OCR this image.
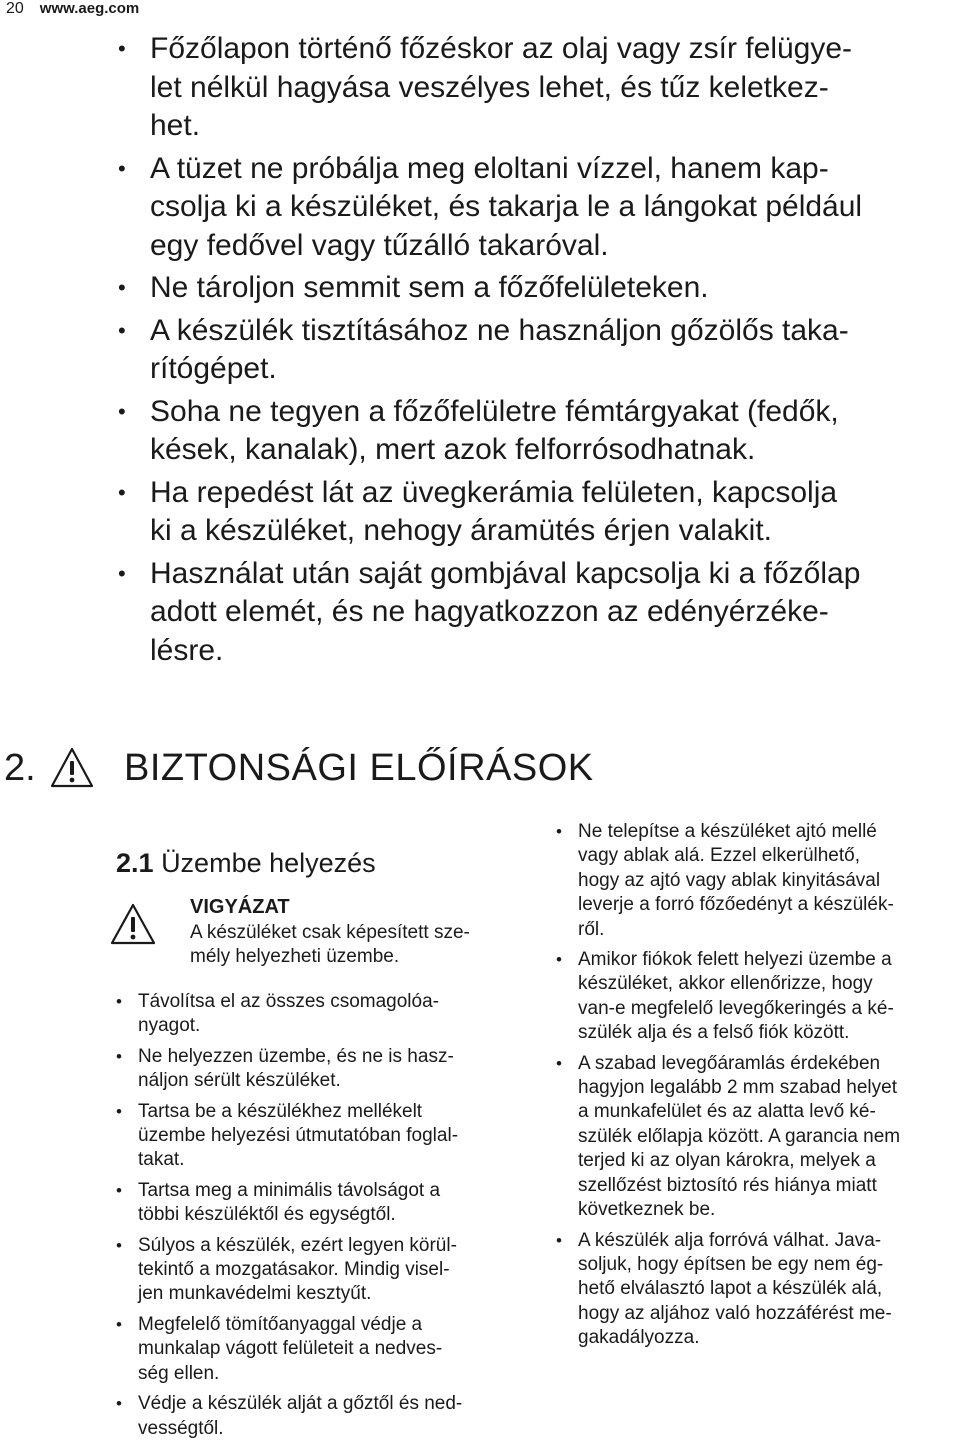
20 www.aeg.com
• Főzőlapon történő főzéskor az olaj vagy zsír felügye-
let nélkül hagyása veszélyes lehet, és tűz keletkez-
het.
• A tüzet ne próbálja meg eloltani vízzel, hanem kap-
csolja ki a készüléket, és takarja le a lángokat például
egy fedővel vagy tűzálló takaróval.
• Ne tároljon semmit sem a főzőfelületeken.
• A készülék tisztításához ne használjon gőzölős taka-
rítógépet.
• Soha ne tegyen a főzőfelületre fémtárgyakat (fedők,
kések, kanalak), mert azok felforrósodhatnak.
• Ha repedést lát az üvegkerámia felületen, kapcsolja
ki a készüléket, nehogy áramütés érjen valakit.
• Használat után saját gombjával kapcsolja ki a főzőlap
adott elemét, és ne hagyatkozzon az edényérzéke-
lésre.
2.	BIZTONSÁGI ELŐÍRÁSOK
2.1 Üzembe helyezés
VIGYÁZAT
A készüléket csak képesített sze-
mély helyezheti üzembe.
• Távolítsa el az összes csomagolóa-
nyagot.
• Ne helyezzen üzembe, és ne is hasz-
náljon sérült készüléket.
• Tartsa be a készülékhez mellékelt
üzembe helyezési útmutatóban foglal-
takat.
• Tartsa meg a minimális távolságot a
többi készüléktől és egységtől.
• Súlyos a készülék, ezért legyen körül-
tekintő a mozgatásakor. Mindig visel-
jen munkavédelmi kesztyűt.
• Megfelelő tömítőanyaggal védje a
munkalap vágott felületeit a nedves-
ség ellen.
• Védje a készülék alját a gőztől és ned-
vességtől.
• Ne telepítse a készüléket ajtó mellé
vagy ablak alá. Ezzel elkerülhető,
hogy az ajtó vagy ablak kinyitásával
leverje a forró főzőedényt a készülék-
ről.
• Amikor fiókok felett helyezi üzembe a
készüléket, akkor ellenőrizze, hogy
van-e megfelelő levegőkeringés a ké-
szülék alja és a felső fiók között.
• A szabad levegőáramlás érdekében
hagyjon legalább 2 mm szabad helyet
a munkafelület és az alatta levő ké-
szülék előlapja között. A garancia nem
terjed ki az olyan károkra, melyek a
szellőzést biztosító rés hiánya miatt
következnek be.
• A készülék alja forróvá válhat. Java-
soljuk, hogy építsen be egy nem ég-
hető elválasztó lapot a készülék alá,
hogy az aljához való hozzáférést me-
gakadályozza.
